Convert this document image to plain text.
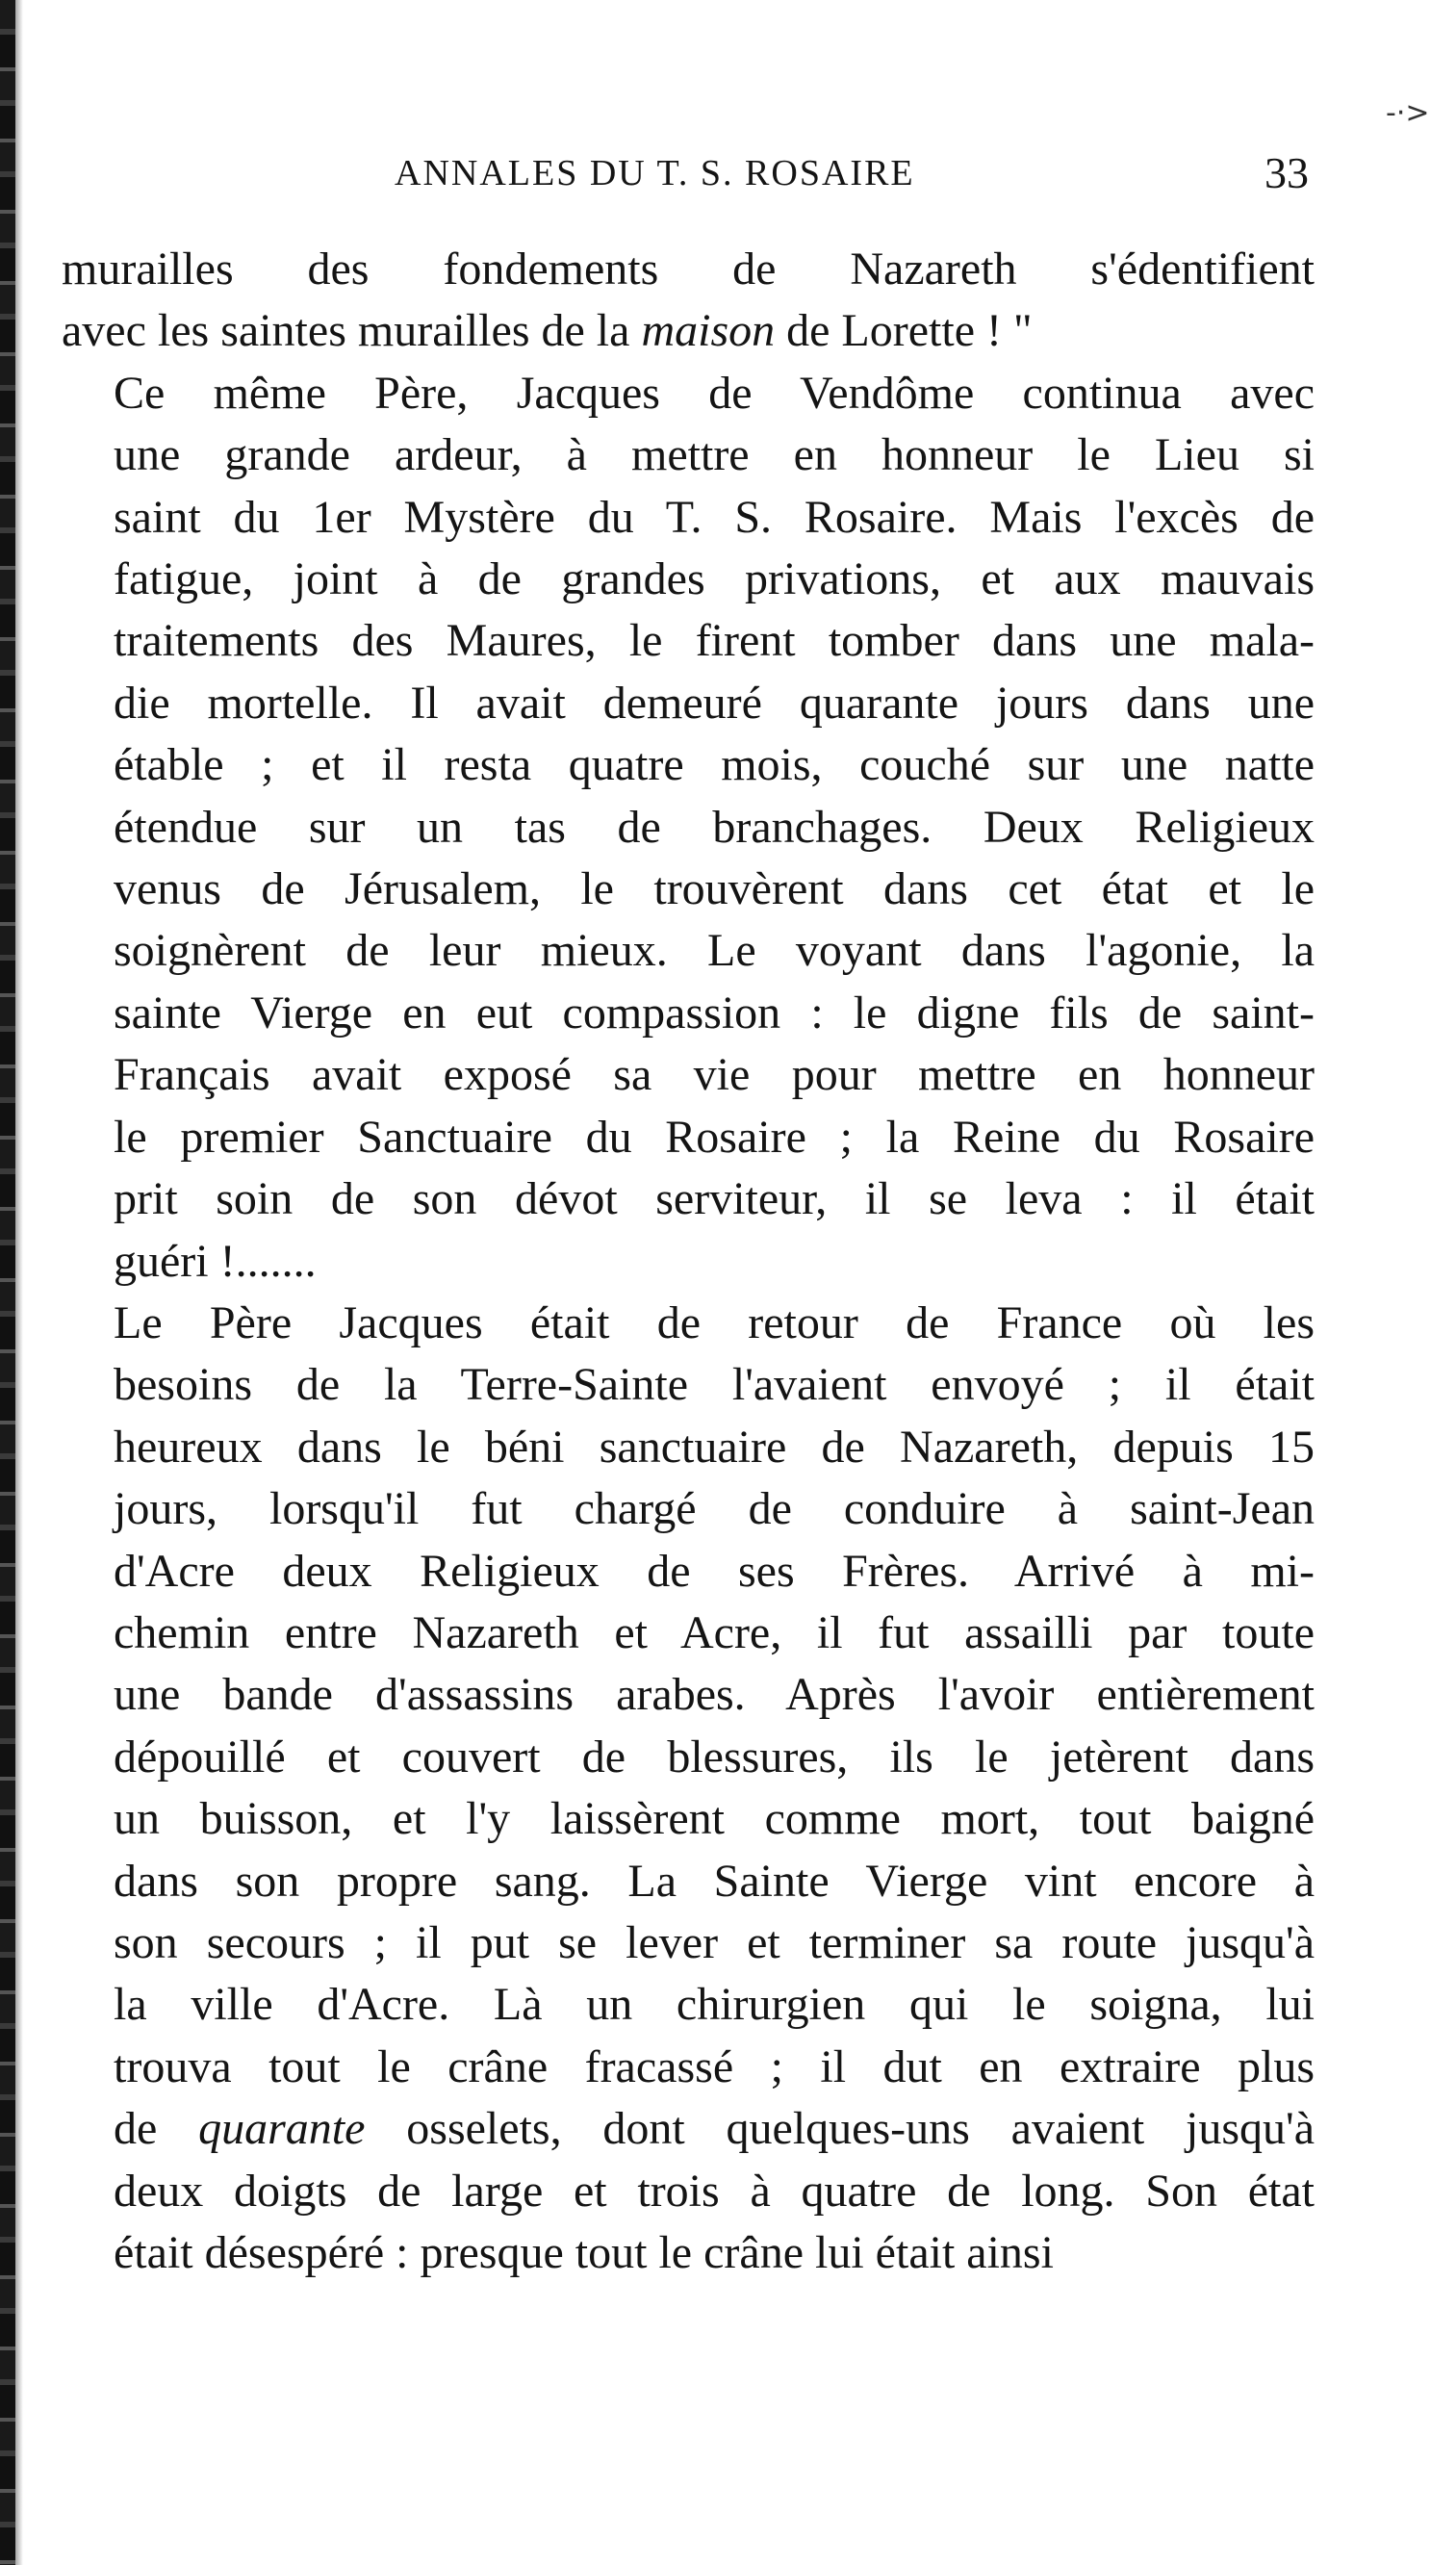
-·>
ANNALES DU T. S. ROSAIRE	33

murailles des fondements de Nazareth s'édentifient
avec les saintes murailles de la maison de Lorette ! "

Ce même Père, Jacques de Vendôme continua avec
une grande ardeur, à mettre en honneur le Lieu si
saint du 1er Mystère du T. S. Rosaire. Mais l'excès de
fatigue, joint à de grandes privations, et aux mauvais
traitements des Maures, le firent tomber dans une mala-
die mortelle. Il avait demeuré quarante jours dans une
étable ; et il resta quatre mois, couché sur une natte
étendue sur un tas de branchages. Deux Religieux
venus de Jérusalem, le trouvèrent dans cet état et le
soignèrent de leur mieux. Le voyant dans l'agonie, la
sainte Vierge en eut compassion : le digne fils de saint-
Français avait exposé sa vie pour mettre en honneur
le premier Sanctuaire du Rosaire ; la Reine du Rosaire
prit soin de son dévot serviteur, il se leva : il était
guéri !.......

Le Père Jacques était de retour de France où les
besoins de la Terre-Sainte l'avaient envoyé ; il était
heureux dans le béni sanctuaire de Nazareth, depuis 15
jours, lorsqu'il fut chargé de conduire à saint-Jean
d'Acre deux Religieux de ses Frères. Arrivé à mi-
chemin entre Nazareth et Acre, il fut assailli par toute
une bande d'assassins arabes. Après l'avoir entièrement
dépouillé et couvert de blessures, ils le jetèrent dans
un buisson, et l'y laissèrent comme mort, tout baigné
dans son propre sang. La Sainte Vierge vint encore à
son secours ; il put se lever et terminer sa route jusqu'à
la ville d'Acre. Là un chirurgien qui le soigna, lui
trouva tout le crâne fracassé ; il dut en extraire plus
de quarante osselets, dont quelques-uns avaient jusqu'à
deux doigts de large et trois à quatre de long. Son état
était désespéré : presque tout le crâne lui était ainsi
